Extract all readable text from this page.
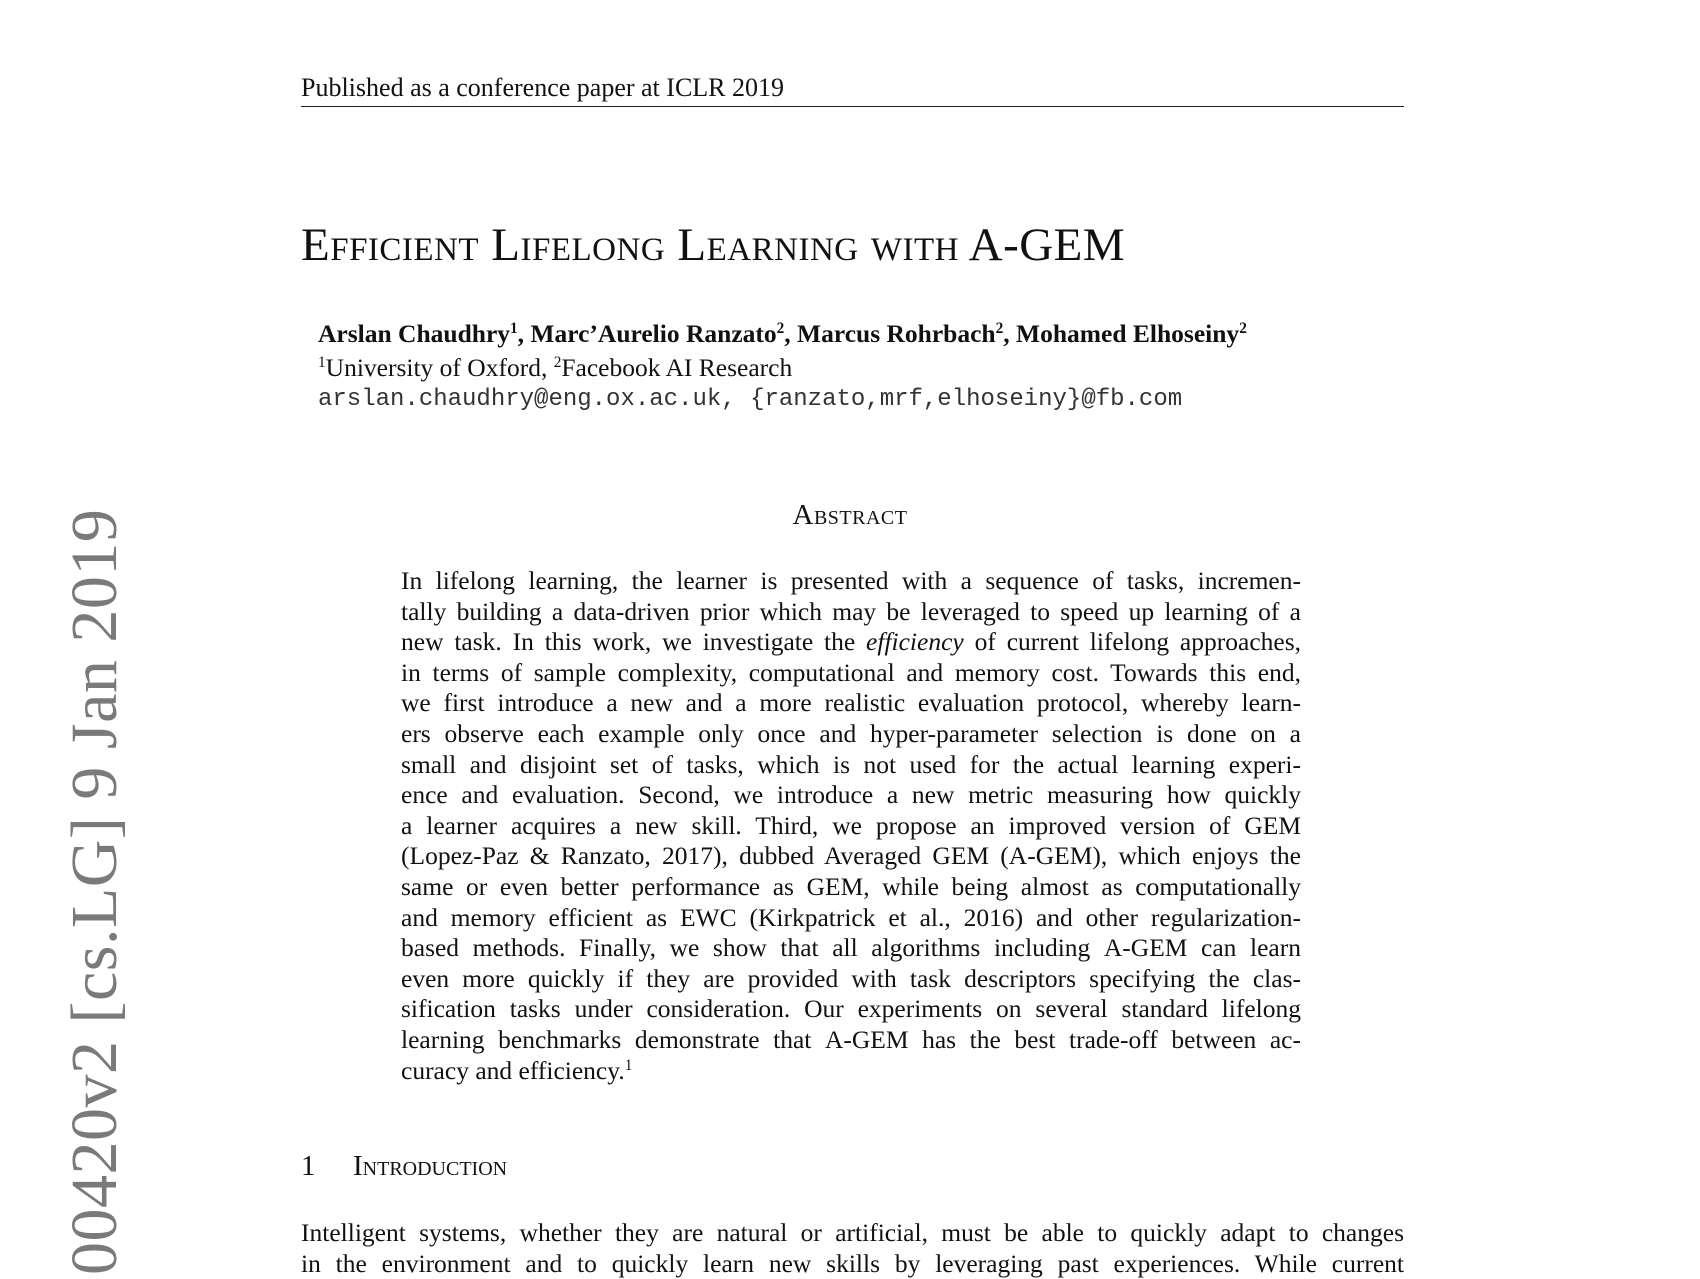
00420v2 [cs.LG] 9 Jan 2019
Published as a conference paper at ICLR 2019
Efficient Lifelong Learning with A-GEM
Arslan Chaudhry$^1$, Marc’Aurelio Ranzato$^2$, Marcus Rohrbach$^2$, Mohamed Elhoseiny$^2$
$^1$University of Oxford, $^2$Facebook AI Research
arslan.chaudhry@eng.ox.ac.uk, {ranzato,mrf,elhoseiny}@fb.com
Abstract
In lifelong learning, the learner is presented with a sequence of tasks, incremen-
tally building a data-driven prior which may be leveraged to speed up learning of a
new task. In this work, we investigate the efficiency of current lifelong approaches,
in terms of sample complexity, computational and memory cost. Towards this end,
we first introduce a new and a more realistic evaluation protocol, whereby learn-
ers observe each example only once and hyper-parameter selection is done on a
small and disjoint set of tasks, which is not used for the actual learning experi-
ence and evaluation. Second, we introduce a new metric measuring how quickly
a learner acquires a new skill. Third, we propose an improved version of GEM
(Lopez-Paz & Ranzato, 2017), dubbed Averaged GEM (A-GEM), which enjoys the
same or even better performance as GEM, while being almost as computationally
and memory efficient as EWC (Kirkpatrick et al., 2016) and other regularization-
based methods. Finally, we show that all algorithms including A-GEM can learn
even more quickly if they are provided with task descriptors specifying the clas-
sification tasks under consideration. Our experiments on several standard lifelong
learning benchmarks demonstrate that A-GEM has the best trade-off between ac-
curacy and efficiency.$^1$
1 Introduction
Intelligent systems, whether they are natural or artificial, must be able to quickly adapt to changes
in the environment and to quickly learn new skills by leveraging past experiences. While current
